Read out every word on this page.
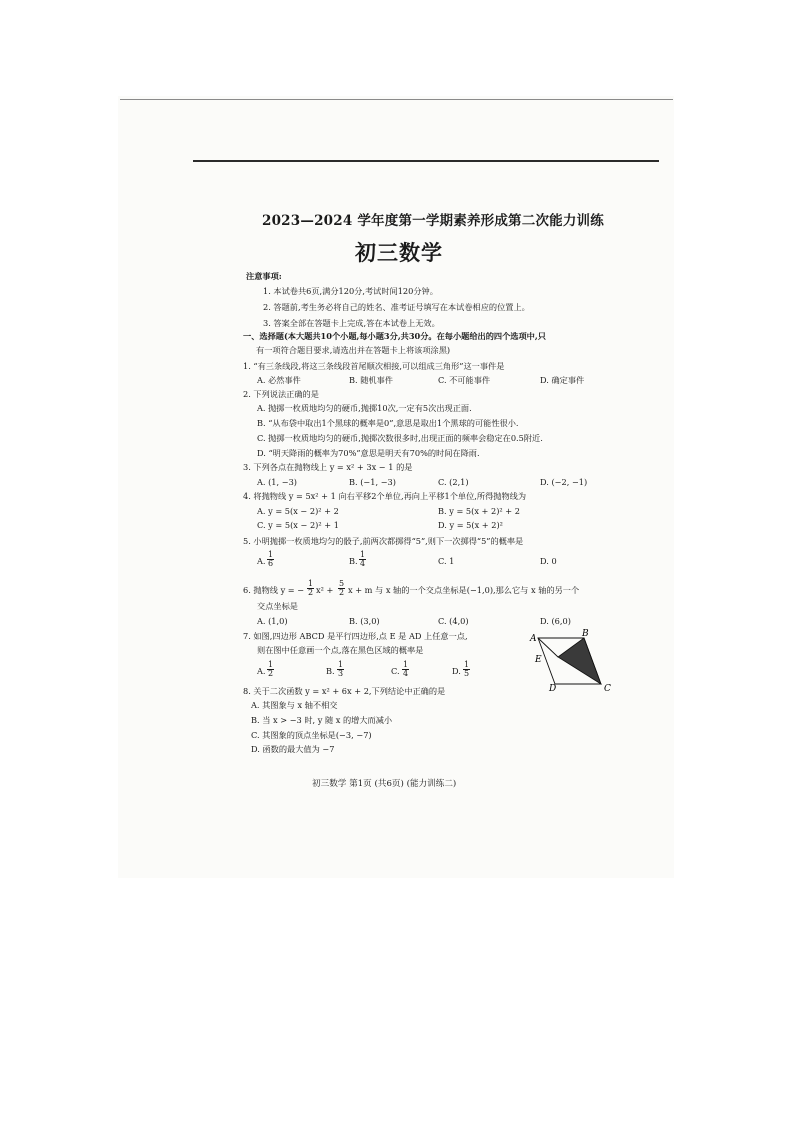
2023—2024 学年度第一学期素养形成第二次能力训练
初三数学
注意事项:
1. 本试卷共6页,满分120分,考试时间120分钟。
2. 答题前,考生务必将自己的姓名、准考证号填写在本试卷相应的位置上。
3. 答案全部在答题卡上完成,答在本试卷上无效。
一、选择题(本大题共10个小题,每小题3分,共30分。在每小题给出的四个选项中,只
有一项符合题目要求,请选出并在答题卡上将该项涂黑)
1. “有三条线段,将这三条线段首尾顺次相接,可以组成三角形”这一事件是
A. 必然事件	B. 随机事件	C. 不可能事件	D. 确定事件
2. 下列说法正确的是
A. 抛掷一枚质地均匀的硬币,抛掷10次,一定有5次出现正面.
B. “从布袋中取出1个黑球的概率是0”,意思是取出1个黑球的可能性很小.
C. 抛掷一枚质地均匀的硬币,抛掷次数很多时,出现正面的频率会稳定在0.5附近.
D. “明天降雨的概率为70%”意思是明天有70%的时间在降雨.
3. 下列各点在抛物线上 y = x² + 3x − 1 的是
A. (1, −3)	B. (−1, −3)	C. (2,1)	D. (−2, −1)
4. 将抛物线 y = 5x² + 1 向右平移2个单位,再向上平移1个单位,所得抛物线为
A. y = 5(x − 2)² + 2	B. y = 5(x + 2)² + 2
C. y = 5(x − 2)² + 1	D. y = 5(x + 2)²
5. 小明抛掷一枚质地均匀的骰子,前两次都掷得“5”,则下一次掷得“5”的概率是
A. $\frac{1}{6}$	B. $\frac{1}{4}$	C. 1	D. 0
6. 抛物线 y = − $\frac{1}{2} x^2 + \frac{5}{2}$ x + m 与 x 轴的一个交点坐标是(−1,0),那么它与 x 轴的另一个
交点坐标是
A. (1,0)	B. (3,0)	C. (4,0)	D. (6,0)
7. 如图,四边形 ABCD 是平行四边形,点 E 是 AD 上任意一点,
则在图中任意画一个点,落在黑色区域的概率是
A. $\frac{1}{2}$	B. $\frac{1}{3}$	C. $\frac{1}{4}$	D. $\frac{1}{5}$
A	B
C
D
E
8. 关于二次函数 y = x² + 6x + 2,下列结论中正确的是
A. 其图象与 x 轴不相交
B. 当 x > −3 时, y 随 x 的增大而减小
C. 其图象的顶点坐标是(−3, −7)
D. 函数的最大值为 −7
初三数学 第1页 (共6页) (能力训练二)
